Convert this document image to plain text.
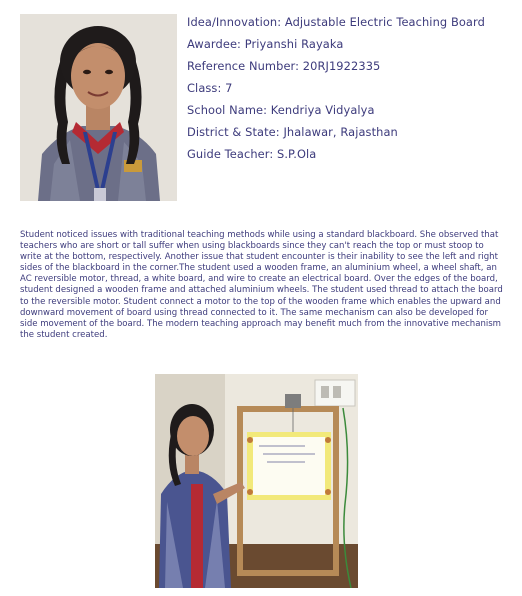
Idea/Innovation: Adjustable Electric Teaching Board
Awardee: Priyanshi Rayaka
Reference Number: 20RJ1922335
Class: 7
School Name: Kendriya Vidyalya
District & State: Jhalawar, Rajasthan
Guide Teacher: S.P.Ola

Student noticed issues with traditional teaching methods while using a standard blackboard. She observed that teachers who are short or tall suffer when using blackboards since they can't reach the top or must stoop to write at the bottom, respectively. Another issue that student encounter is their inability to see the left and right sides of the blackboard in the corner.The student used a wooden frame, an aluminium wheel, a wheel shaft, an AC reversible motor, thread, a white board, and wire to create an electrical board. Over the edges of the board, student designed a wooden frame and attached aluminium wheels. The student used thread to attach the board to the reversible motor. Student connect a motor to the top of the wooden frame which enables the upward and downward movement of board using thread connected to it. The same mechanism can also be developed for side movement of the board. The modern teaching approach may benefit much from the innovative mechanism the student created.
